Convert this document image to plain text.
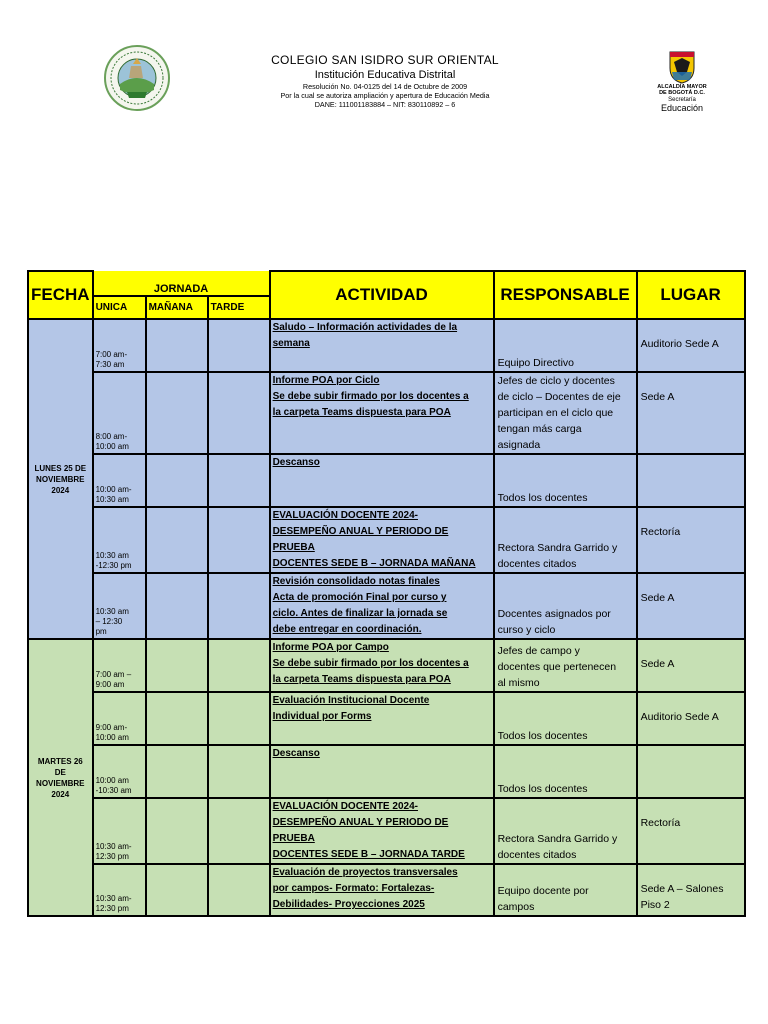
COLEGIO SAN ISIDRO SUR ORIENTAL
Institución Educativa Distrital
Resolución No. 04-0125 del 14 de Octubre de 2009
Por la cual se autoriza ampliación y apertura de Educación Media
DANE: 111001183884 – NIT: 830110892 – 6
ALCALDÍA MAYOR
DE BOGOTÁ D.C.
Secretaría
Educación
FECHA	JORNADA			ACTIVIDAD	RESPONSABLE	LUGAR
	UNICA	MAÑANA	TARDE			

LUNES 25 DE
NOVIEMBRE
2024	7:00 am-
7:30 am			Saludo – Información actividades de la
semana	Equipo Directivo	Auditorio Sede A

	8:00 am-
10:00 am			Informe POA por Ciclo
Se debe subir firmado por los docentes a
la carpeta Teams dispuesta para POA	Jefes de ciclo y docentes
de ciclo – Docentes de eje
participan en el ciclo que
tengan más carga
asignada	Sede A

	10:00 am-
10:30 am			Descanso	Todos los docentes	

	10:30 am
-12:30 pm			EVALUACIÓN DOCENTE 2024-
DESEMPEÑO ANUAL Y PERIODO DE
PRUEBA
DOCENTES SEDE B – JORNADA MAÑANA	Rectora Sandra Garrido y
docentes citados	Rectoría

	10:30 am
– 12:30
pm			Revisión consolidado notas finales
Acta de promoción Final por curso y
ciclo. Antes de finalizar la jornada se
debe entregar en coordinación.	Docentes asignados por
curso y ciclo	Sede A

MARTES 26
DE
NOVIEMBRE
2024	7:00 am –
9:00 am			Informe POA por Campo
Se debe subir firmado por los docentes a
la carpeta Teams dispuesta para POA	Jefes de campo y
docentes que pertenecen
al mismo	Sede A

	9:00 am-
10:00 am			Evaluación Institucional Docente
Individual por Forms	Todos los docentes	Auditorio Sede A

	10:00 am
-10:30 am			Descanso	Todos los docentes	

	10:30 am-
12:30 pm			EVALUACIÓN DOCENTE 2024-
DESEMPEÑO ANUAL Y PERIODO DE
PRUEBA
DOCENTES SEDE B – JORNADA TARDE	Rectora Sandra Garrido y
docentes citados	Rectoría

	10:30 am-
12:30 pm			Evaluación de proyectos transversales
por campos- Formato: Fortalezas-
Debilidades- Proyecciones 2025	Equipo docente por
campos	Sede A – Salones
Piso 2
